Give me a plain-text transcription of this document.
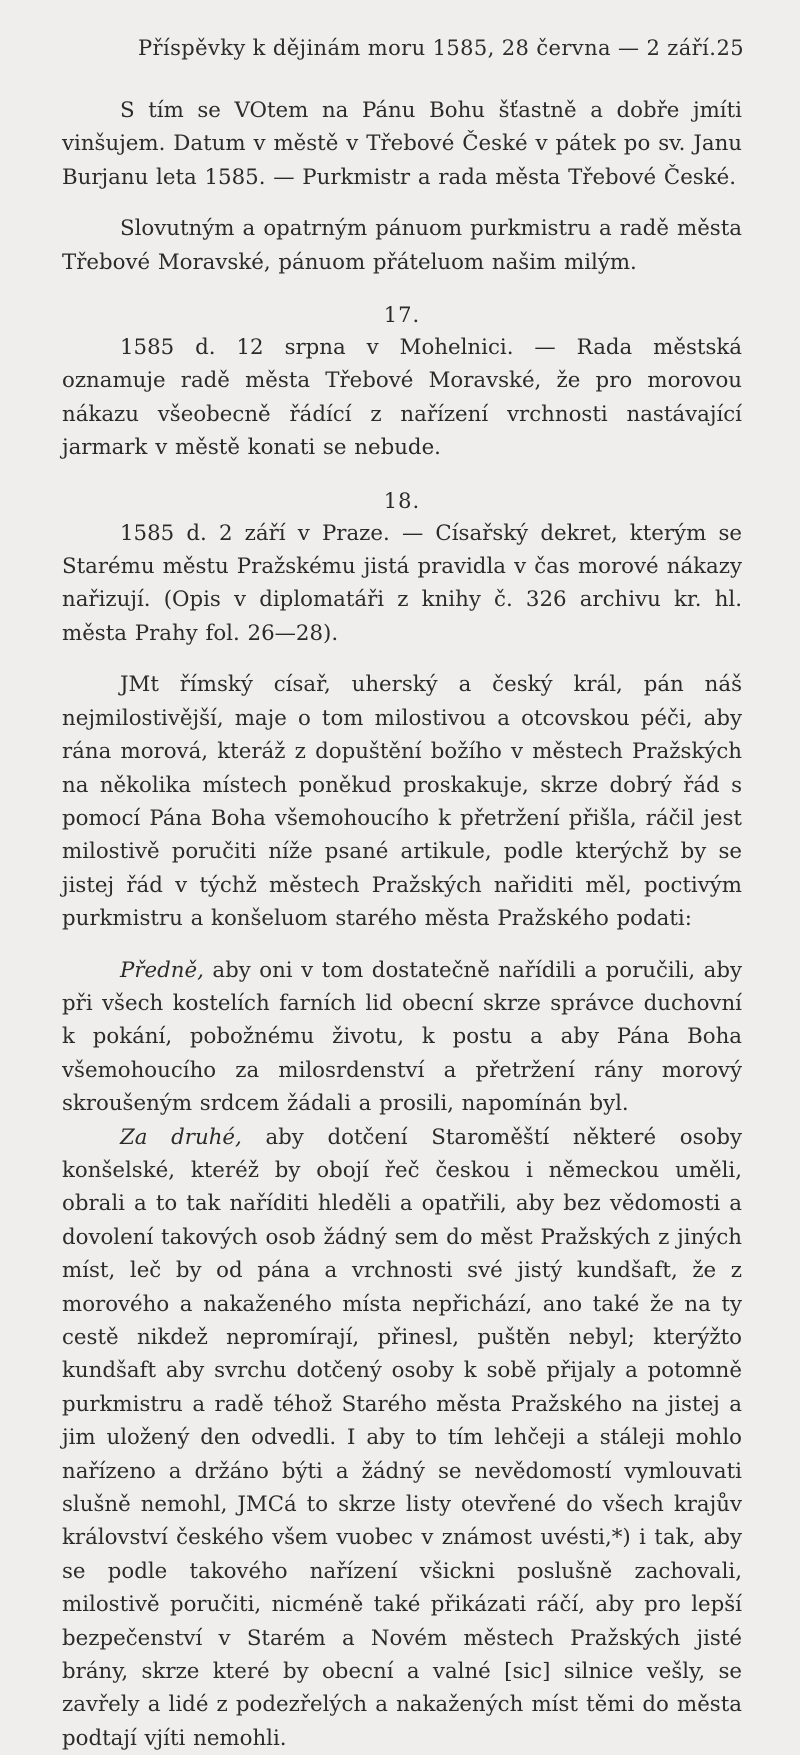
Příspěvky k dějinám moru 1585, 28 června — 2 září. 25

S tím se VOtem na Pánu Bohu šťastně a dobře jmíti vinšujem. Datum v městě v Třebové České v pátek po sv. Janu Burjanu leta 1585. — Purkmistr a rada města Třebové České.

Slovutným a opatrným pánuom purkmistru a radě města Třebové Moravské, pánuom přáteluom našim milým.

17.

1585 d. 12 srpna v Mohelnici. — Rada městská oznamuje radě města Třebové Moravské, že pro morovou nákazu všeobecně řádící z nařízení vrchnosti nastávající jarmark v městě konati se nebude.

18.

1585 d. 2 září v Praze. — Císařský dekret, kterým se Starému městu Pražskému jistá pravidla v čas morové nákazy nařizují. (Opis v diplomatáři z knihy č. 326 archivu kr. hl. města Prahy fol. 26—28).

JMt římský císař, uherský a český král, pán náš nejmilostivější, maje o tom milostivou a otcovskou péči, aby rána morová, kteráž z dopuštění božího v městech Pražských na několika místech poněkud proskakuje, skrze dobrý řád s pomocí Pána Boha všemohoucího k přetržení přišla, ráčil jest milostivě poručiti níže psané artikule, podle kterýchž by se jistej řád v týchž městech Pražských nařiditi měl, poctivým purkmistru a konšeluom starého města Pražského podati:

Předně, aby oni v tom dostatečně nařídili a poručili, aby při všech kostelích farních lid obecní skrze správce duchovní k pokání, pobožnému životu, k postu a aby Pána Boha všemohoucího za milosrdenství a přetržení rány morový skroušeným srdcem žádali a prosili, napomínán byl.

Za druhé, aby dotčení Staroměští některé osoby konšelské, kteréž by obojí řeč českou i německou uměli, obrali a to tak naříditi hleděli a opatřili, aby bez vědomosti a dovolení takových osob žádný sem do měst Pražských z jiných míst, leč by od pána a vrchnosti své jistý kundšaft, že z morového a nakaženého místa nepřichází, ano také že na ty cestě nikdež nepromírají, přinesl, puštěn nebyl; kterýžto kundšaft aby svrchu dotčený osoby k sobě přijaly a potomně purkmistru a radě téhož Starého města Pražského na jistej a jim uložený den odvedli. I aby to tím lehčeji a stáleji mohlo nařízeno a držáno býti a žádný se nevědomostí vymlouvati slušně nemohl, JMCá to skrze listy otevřené do všech krajův království českého všem vuobec v známost uvésti,*) i tak, aby se podle takového nařízení všickni poslušně zachovali, milostivě poručiti, nicméně také přikázati ráčí, aby pro lepší bezpečenství v Starém a Novém městech Pražských jisté brány, skrze které by obecní a valné [sic] silnice vešly, se zavřely a lidé z podezřelých a nakažených míst těmi do města podtají vjíti nemohli.
